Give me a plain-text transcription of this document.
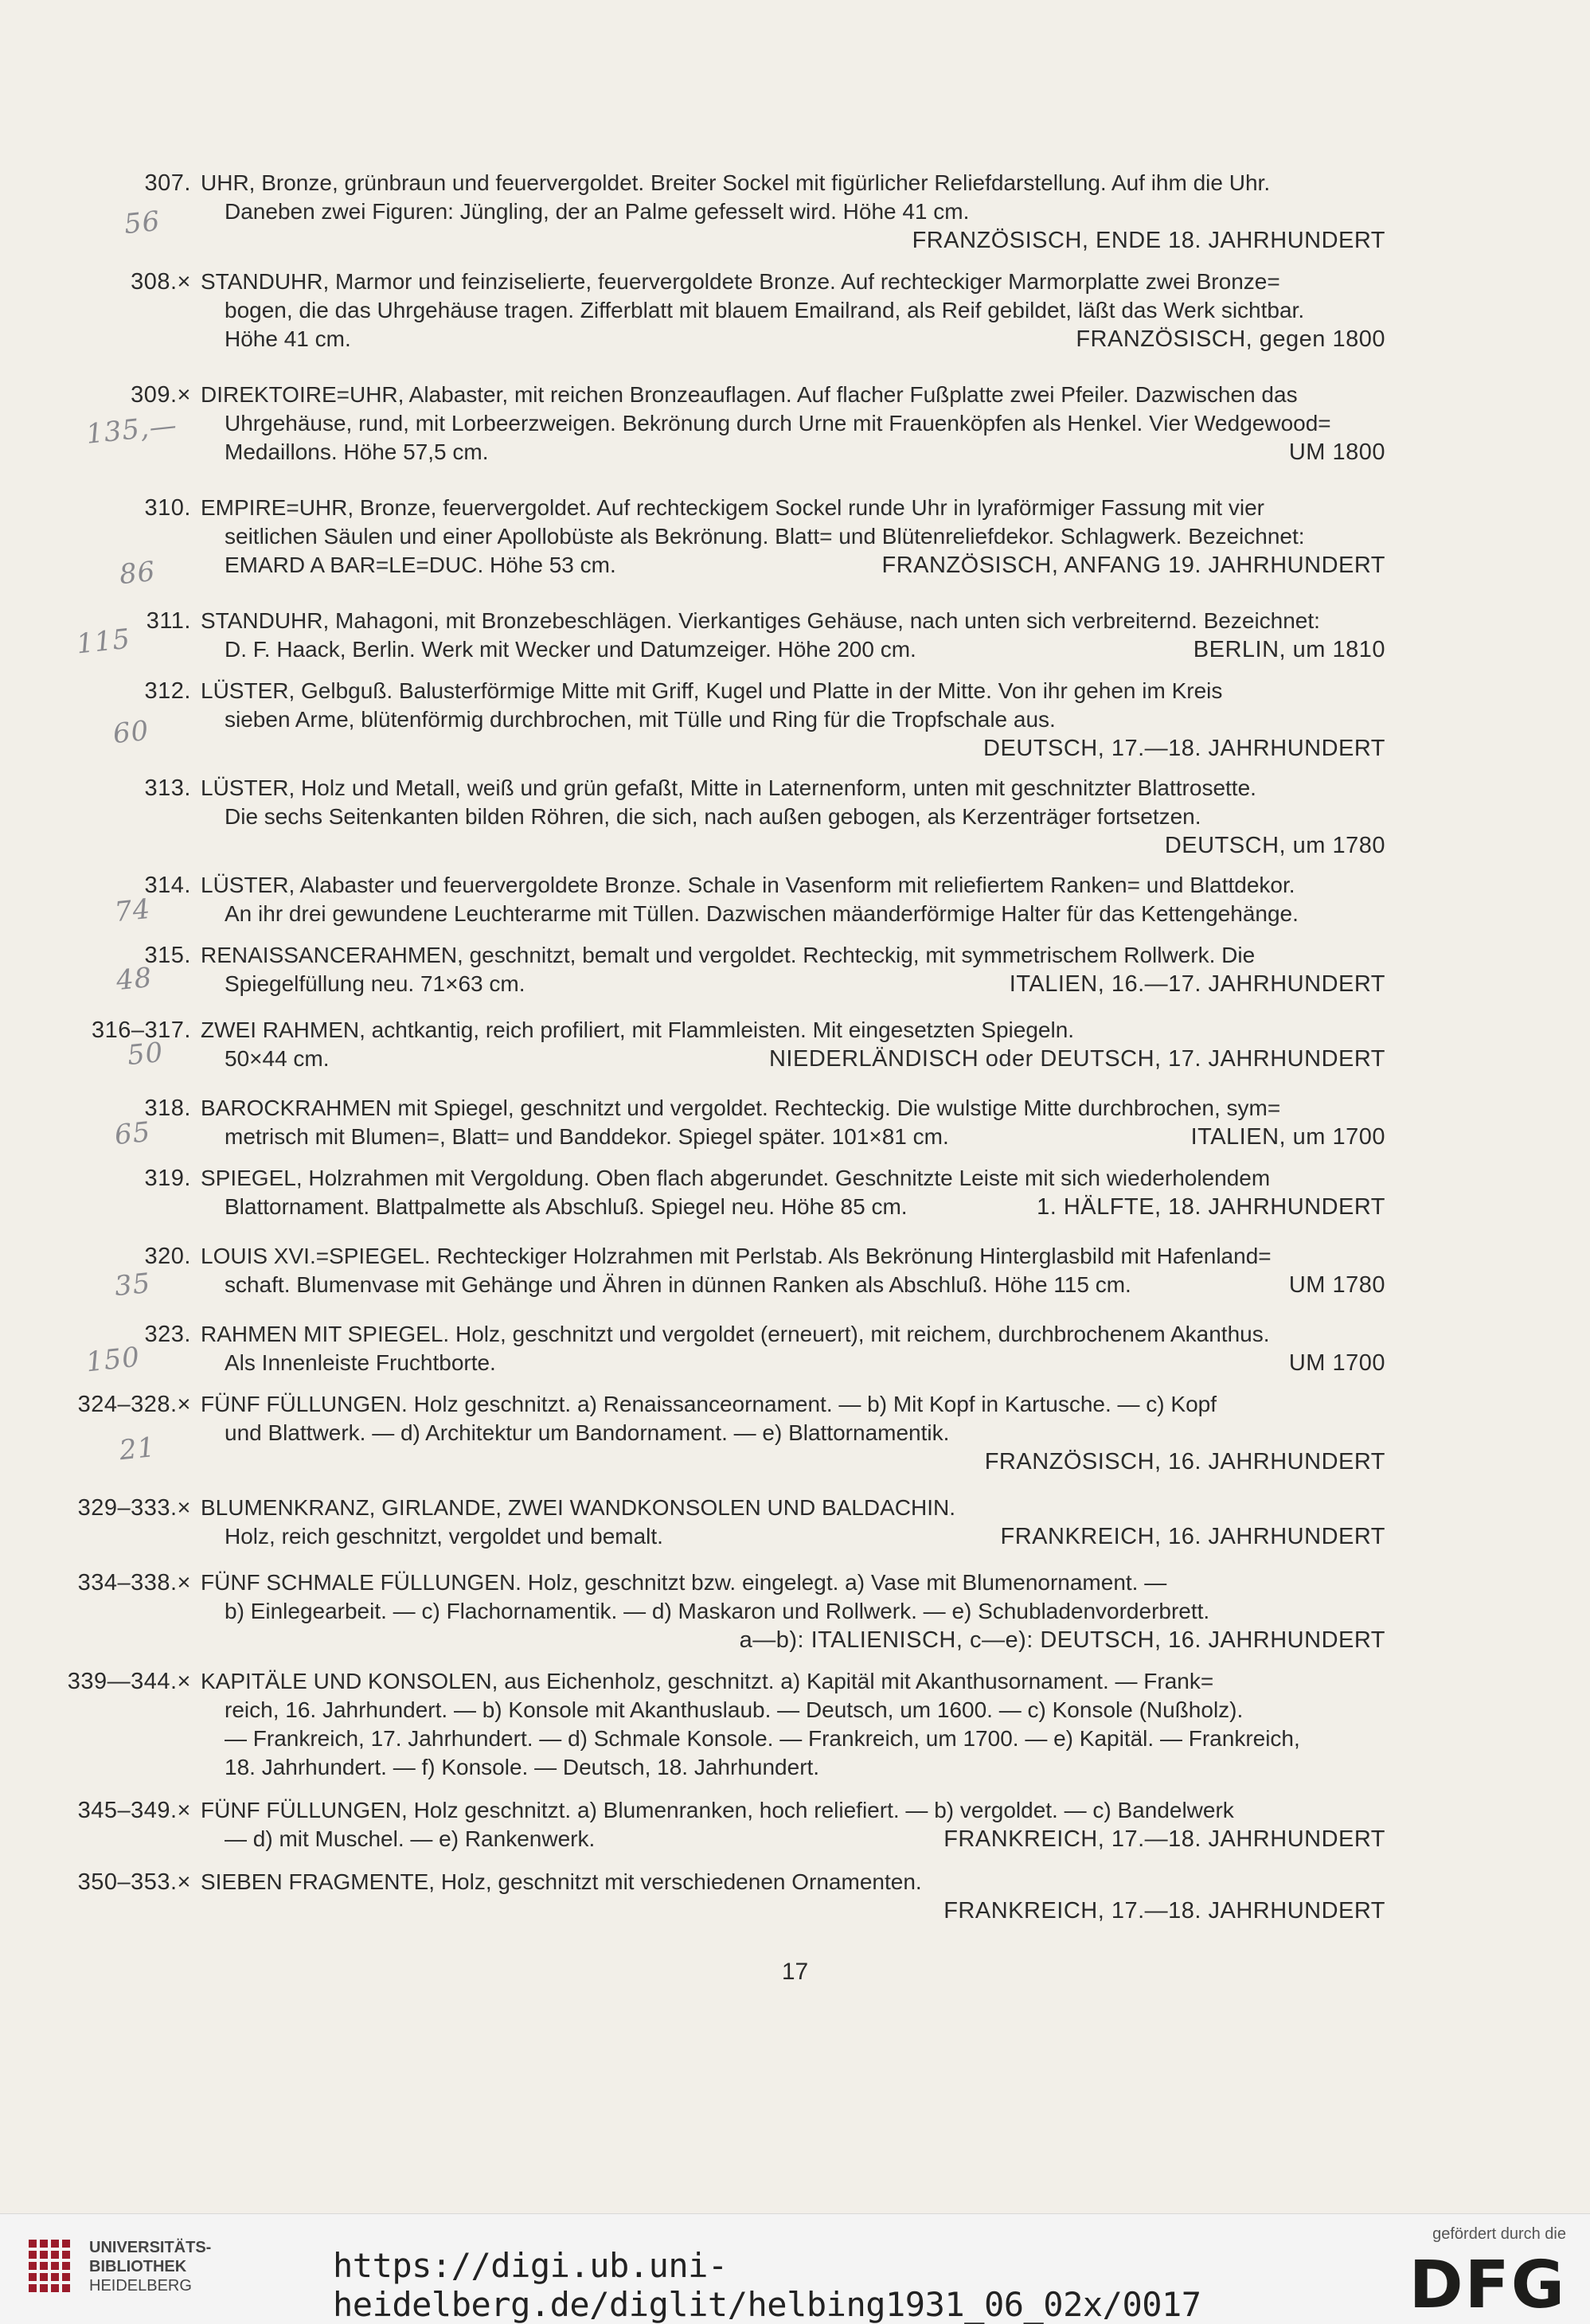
307. UHR, Bronze, grünbraun und feuervergoldet. Breiter Sockel mit figürlicher Reliefdarstellung. Auf ihm die Uhr.
Daneben zwei Figuren: Jüngling, der an Palme gefesselt wird. Höhe 41 cm.
FRANZÖSISCH, ENDE 18. JAHRHUNDERT
308.× STANDUHR, Marmor und feinziselierte, feuervergoldete Bronze. Auf rechteckiger Marmorplatte zwei Bronze=
bogen, die das Uhrgehäuse tragen. Zifferblatt mit blauem Emailrand, als Reif gebildet, läßt das Werk sichtbar.
Höhe 41 cm.	FRANZÖSISCH, gegen 1800
309.× DIREKTOIRE=UHR, Alabaster, mit reichen Bronzeauflagen. Auf flacher Fußplatte zwei Pfeiler. Dazwischen das
Uhrgehäuse, rund, mit Lorbeerzweigen. Bekrönung durch Urne mit Frauenköpfen als Henkel. Vier Wedgewood=
Medaillons. Höhe 57,5 cm.	UM 1800
310. EMPIRE=UHR, Bronze, feuervergoldet. Auf rechteckigem Sockel runde Uhr in lyraförmiger Fassung mit vier
seitlichen Säulen und einer Apollobüste als Bekrönung. Blatt= und Blütenreliefdekor. Schlagwerk. Bezeichnet:
EMARD A BAR=LE=DUC. Höhe 53 cm.	FRANZÖSISCH, ANFANG 19. JAHRHUNDERT
311. STANDUHR, Mahagoni, mit Bronzebeschlägen. Vierkantiges Gehäuse, nach unten sich verbreiternd. Bezeichnet:
D. F. Haack, Berlin. Werk mit Wecker und Datumzeiger. Höhe 200 cm.	BERLIN, um 1810
312. LÜSTER, Gelbguß. Balusterförmige Mitte mit Griff, Kugel und Platte in der Mitte. Von ihr gehen im Kreis
sieben Arme, blütenförmig durchbrochen, mit Tülle und Ring für die Tropfschale aus.
DEUTSCH, 17.—18. JAHRHUNDERT
313. LÜSTER, Holz und Metall, weiß und grün gefaßt, Mitte in Laternenform, unten mit geschnitzter Blattrosette.
Die sechs Seitenkanten bilden Röhren, die sich, nach außen gebogen, als Kerzenträger fortsetzen.
DEUTSCH, um 1780
314. LÜSTER, Alabaster und feuervergoldete Bronze. Schale in Vasenform mit reliefiertem Ranken= und Blattdekor.
An ihr drei gewundene Leuchterarme mit Tüllen. Dazwischen mäanderförmige Halter für das Kettengehänge.
315. RENAISSANCERAHMEN, geschnitzt, bemalt und vergoldet. Rechteckig, mit symmetrischem Rollwerk. Die
Spiegelfüllung neu. 71×63 cm.	ITALIEN, 16.—17. JAHRHUNDERT
316–317. ZWEI RAHMEN, achtkantig, reich profiliert, mit Flammleisten. Mit eingesetzten Spiegeln.
50×44 cm.	NIEDERLÄNDISCH oder DEUTSCH, 17. JAHRHUNDERT
318. BAROCKRAHMEN mit Spiegel, geschnitzt und vergoldet. Rechteckig. Die wulstige Mitte durchbrochen, sym=
metrisch mit Blumen=, Blatt= und Banddekor. Spiegel später. 101×81 cm.	ITALIEN, um 1700
319. SPIEGEL, Holzrahmen mit Vergoldung. Oben flach abgerundet. Geschnitzte Leiste mit sich wiederholendem
Blattornament. Blattpalmette als Abschluß. Spiegel neu. Höhe 85 cm.	1. HÄLFTE, 18. JAHRHUNDERT
320. LOUIS XVI.=SPIEGEL. Rechteckiger Holzrahmen mit Perlstab. Als Bekrönung Hinterglasbild mit Hafenland=
schaft. Blumenvase mit Gehänge und Ähren in dünnen Ranken als Abschluß. Höhe 115 cm.	UM 1780
323. RAHMEN MIT SPIEGEL. Holz, geschnitzt und vergoldet (erneuert), mit reichem, durchbrochenem Akanthus.
Als Innenleiste Fruchtborte.	UM 1700
324–328.× FÜNF FÜLLUNGEN. Holz geschnitzt. a) Renaissanceornament. — b) Mit Kopf in Kartusche. — c) Kopf
und Blattwerk. — d) Architektur um Bandornament. — e) Blattornamentik.
FRANZÖSISCH, 16. JAHRHUNDERT
329–333.× BLUMENKRANZ, GIRLANDE, ZWEI WANDKONSOLEN UND BALDACHIN.
Holz, reich geschnitzt, vergoldet und bemalt.	FRANKREICH, 16. JAHRHUNDERT
334–338.× FÜNF SCHMALE FÜLLUNGEN. Holz, geschnitzt bzw. eingelegt. a) Vase mit Blumenornament. —
b) Einlegearbeit. — c) Flachornamentik. — d) Maskaron und Rollwerk. — e) Schubladenvorderbrett.
a—b): ITALIENISCH, c—e): DEUTSCH, 16. JAHRHUNDERT
339—344.× KAPITÄLE UND KONSOLEN, aus Eichenholz, geschnitzt. a) Kapitäl mit Akanthusornament. — Frank=
reich, 16. Jahrhundert. — b) Konsole mit Akanthuslaub. — Deutsch, um 1600. — c) Konsole (Nußholz).
— Frankreich, 17. Jahrhundert. — d) Schmale Konsole. — Frankreich, um 1700. — e) Kapitäl. — Frankreich,
18. Jahrhundert. — f) Konsole. — Deutsch, 18. Jahrhundert.
345–349.× FÜNF FÜLLUNGEN, Holz geschnitzt. a) Blumenranken, hoch reliefiert. — b) vergoldet. — c) Bandelwerk
— d) mit Muschel. — e) Rankenwerk.	FRANKREICH, 17.—18. JAHRHUNDERT
350–353.× SIEBEN FRAGMENTE, Holz, geschnitzt mit verschiedenen Ornamenten.
FRANKREICH, 17.—18. JAHRHUNDERT
56
135,—
86
115
60
74
48
50
65
35
150
21
17
UNIVERSITÄTS-
BIBLIOTHEK
HEIDELBERG
https://digi.ub.uni-heidelberg.de/diglit/helbing1931_06_02x/0017
gefördert durch die
DFG
